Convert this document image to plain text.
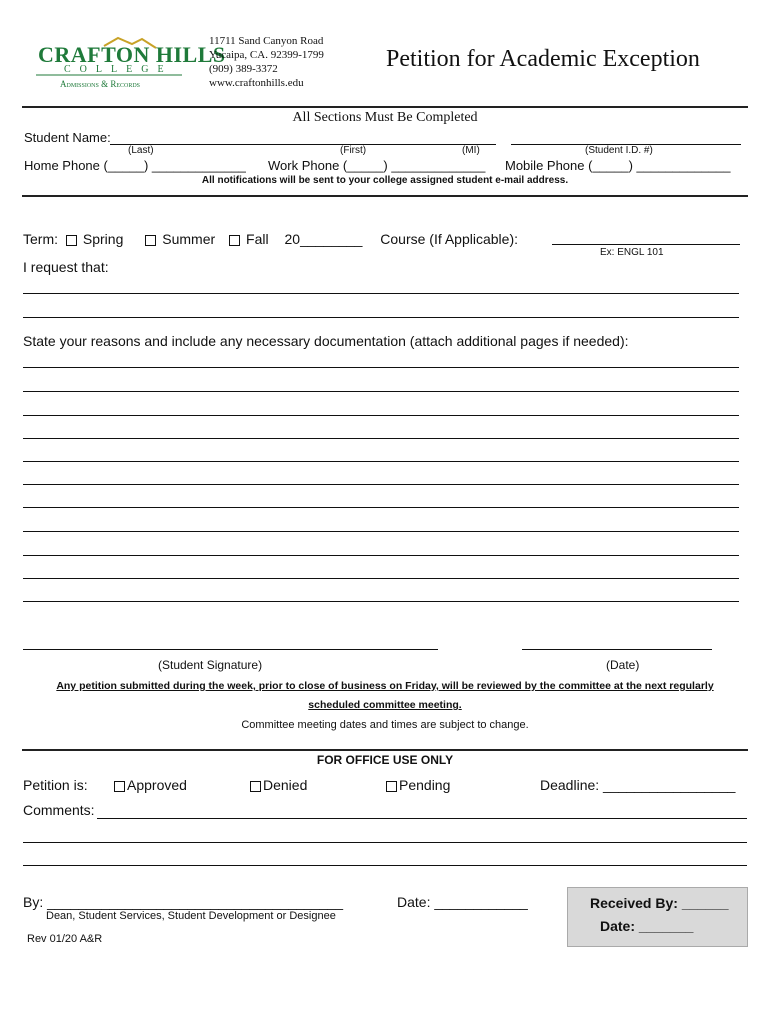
CRAFTON HILLS
COLLEGE
Admissions & Records
11711 Sand Canyon Road
Yucaipa, CA. 92399-1799
(909) 389-3372
www.craftonhills.edu
Petition for Academic Exception
All Sections Must Be Completed
Student Name:
(Last)	(First)	(MI)	(Student I.D. #)
Home Phone (_____) _____________ Work Phone (_____) _____________ Mobile Phone (_____) _____________
All notifications will be sent to your college assigned student e-mail address.
Term: Spring	Summer Fall 20________ Course (If Applicable):
Ex: ENGL 101
I request that:
State your reasons and include any necessary documentation (attach additional pages if needed):
(Student Signature)	(Date)
Any petition submitted during the week, prior to close of business on Friday, will be reviewed by the committee at the next regularly
scheduled committee meeting.
Committee meeting dates and times are subject to change.
FOR OFFICE USE ONLY
Petition is:	Approved	Denied	Pending	Deadline: _________________
Comments:
By: ______________________________________
Dean, Student Services, Student Development or Designee
Date: ____________	Received By: ______
Date: _______
Rev 01/20 A&R
